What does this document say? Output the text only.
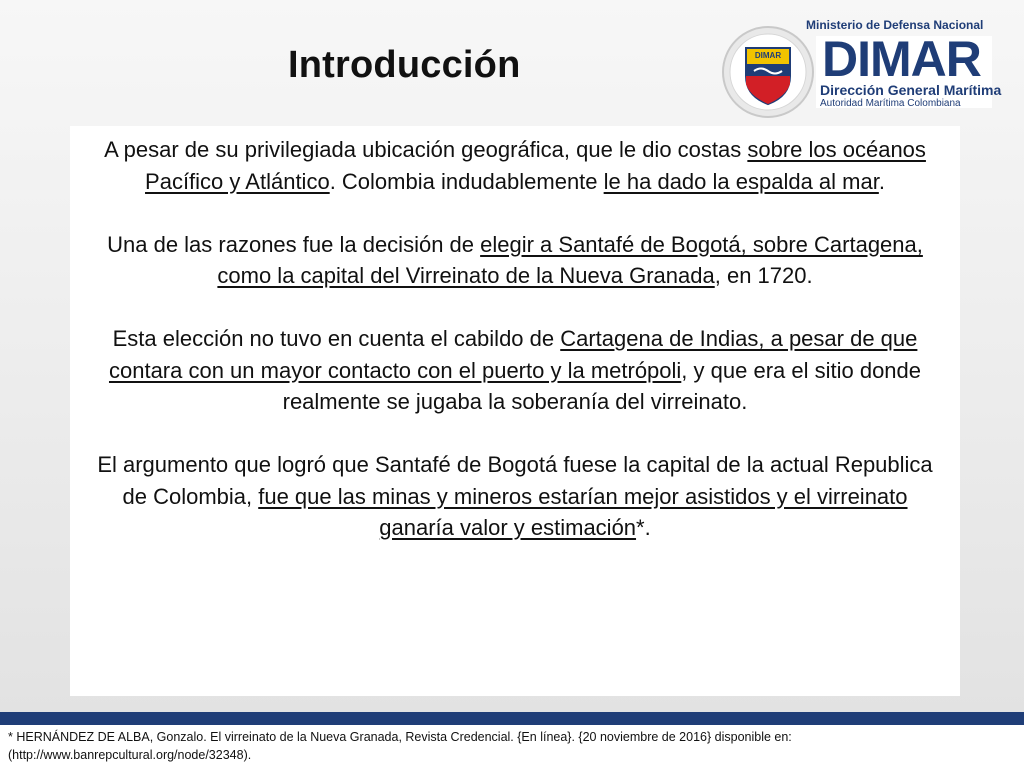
Introducción
Ministerio de Defensa Nacional
DIMAR DIMAR
Dirección General Marítima
Autoridad Marítima Colombiana

A pesar de su privilegiada ubicación geográfica, que le dio costas sobre los océanos Pacífico y Atlántico. Colombia indudablemente le ha dado la espalda al mar.

Una de las razones fue la decisión de elegir a Santafé de Bogotá, sobre Cartagena, como la capital del Virreinato de la Nueva Granada, en 1720.

Esta elección no tuvo en cuenta el cabildo de Cartagena de Indias, a pesar de que contara con un mayor contacto con el puerto y la metrópoli, y que era el sitio donde realmente se jugaba la soberanía del virreinato.

El argumento que logró que Santafé de Bogotá fuese la capital de la actual Republica de Colombia, fue que las minas y mineros estarían mejor asistidos y el virreinato ganaría valor y estimación*.

* HERNÁNDEZ DE ALBA, Gonzalo. El virreinato de la Nueva Granada, Revista Credencial. {En línea}. {20 noviembre de 2016} disponible en: (http://www.banrepcultural.org/node/32348).
